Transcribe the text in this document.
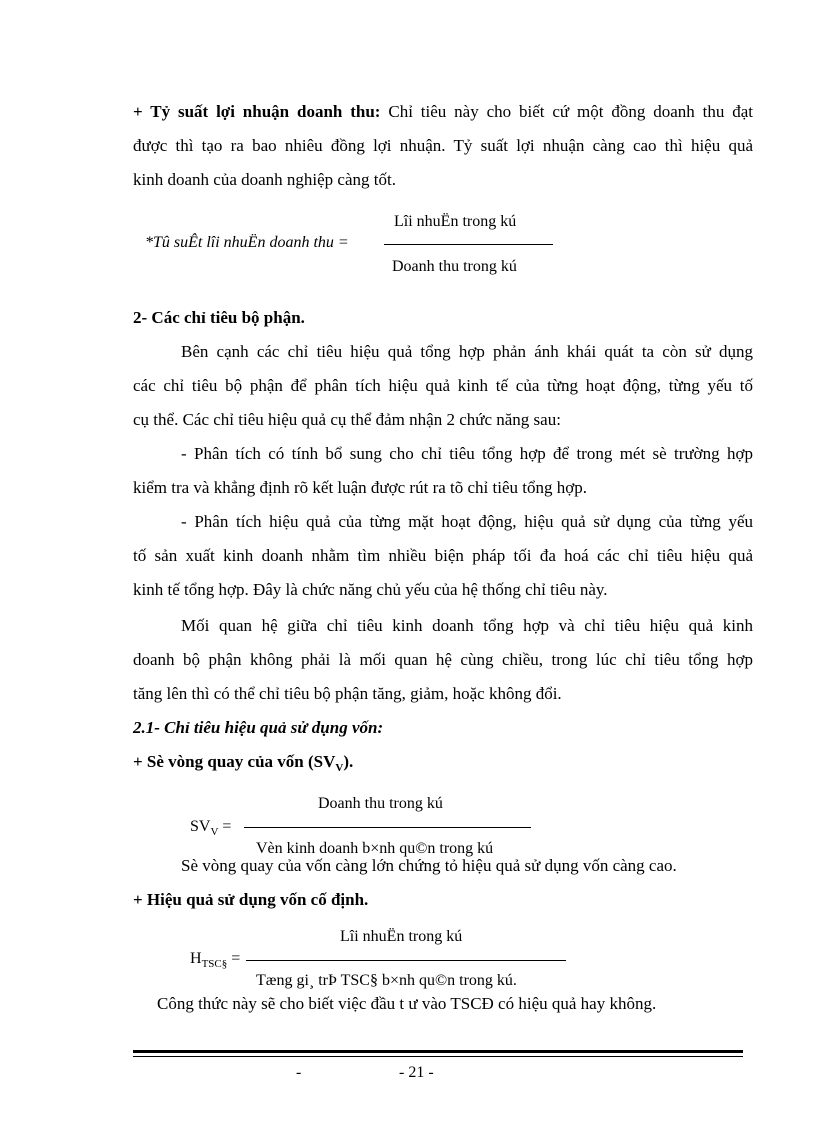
+ Tỷ suất lợi nhuận doanh thu: Chỉ tiêu này cho biết cứ một đồng doanh thu đạt
được thì tạo ra bao nhiêu đồng lợi nhuận. Tỷ suất lợi nhuận càng cao thì hiệu quả
kinh doanh của doanh nghiệp càng tốt.
*Tû suÊt lîi nhuËn doanh thu =
Lîi nhuËn trong kú
Doanh thu trong kú
2- Các chỉ tiêu bộ phận.
Bên cạnh các chỉ tiêu hiệu quả tổng hợp phản ánh khái quát ta còn sử dụng
các chỉ tiêu bộ phận để phân tích hiệu quả kinh tế của từng hoạt động, từng yếu tố
cụ thể. Các chỉ tiêu hiệu quả cụ thể đảm nhận 2 chức năng sau:
- Phân tích có tính bổ sung cho chỉ tiêu tổng hợp để trong mét sè trường hợp
kiểm tra và khẳng định rõ kết luận được rút ra tõ chỉ tiêu tổng hợp.
- Phân tích hiệu quả của từng mặt hoạt động, hiệu quả sử dụng của từng yếu
tố sản xuất kinh doanh nhằm tìm nhiều biện pháp tối đa hoá các chỉ tiêu hiệu quả
kinh tế tổng hợp. Đây là chức năng chủ yếu của hệ thống chỉ tiêu này.
Mối quan hệ giữa chỉ tiêu kinh doanh tổng hợp và chỉ tiêu hiệu quả kinh
doanh bộ phận không phải là mối quan hệ cùng chiều, trong lúc chỉ tiêu tổng hợp
tăng lên thì có thể chỉ tiêu bộ phận tăng, giảm, hoặc không đổi.
2.1- Chỉ tiêu hiệu quả sử dụng vốn:
+ Sè vòng quay của vốn $(SV_V)$.
$SV_V$ =
Doanh thu trong kú
Vèn kinh doanh b×nh qu©n trong kú
Sè vòng quay của vốn càng lớn chứng tỏ hiệu quả sử dụng vốn càng cao.
+ Hiệu quả sử dụng vốn cố định.
$H_{TSC\S}$ =
Lîi nhuËn trong kú
Tæng gi¸ trÞ TSC§ b×nh qu©n trong kú.
Công thức này sẽ cho biết việc đầu t ư vào TSCĐ có hiệu quả hay không.
-	- 21 -
